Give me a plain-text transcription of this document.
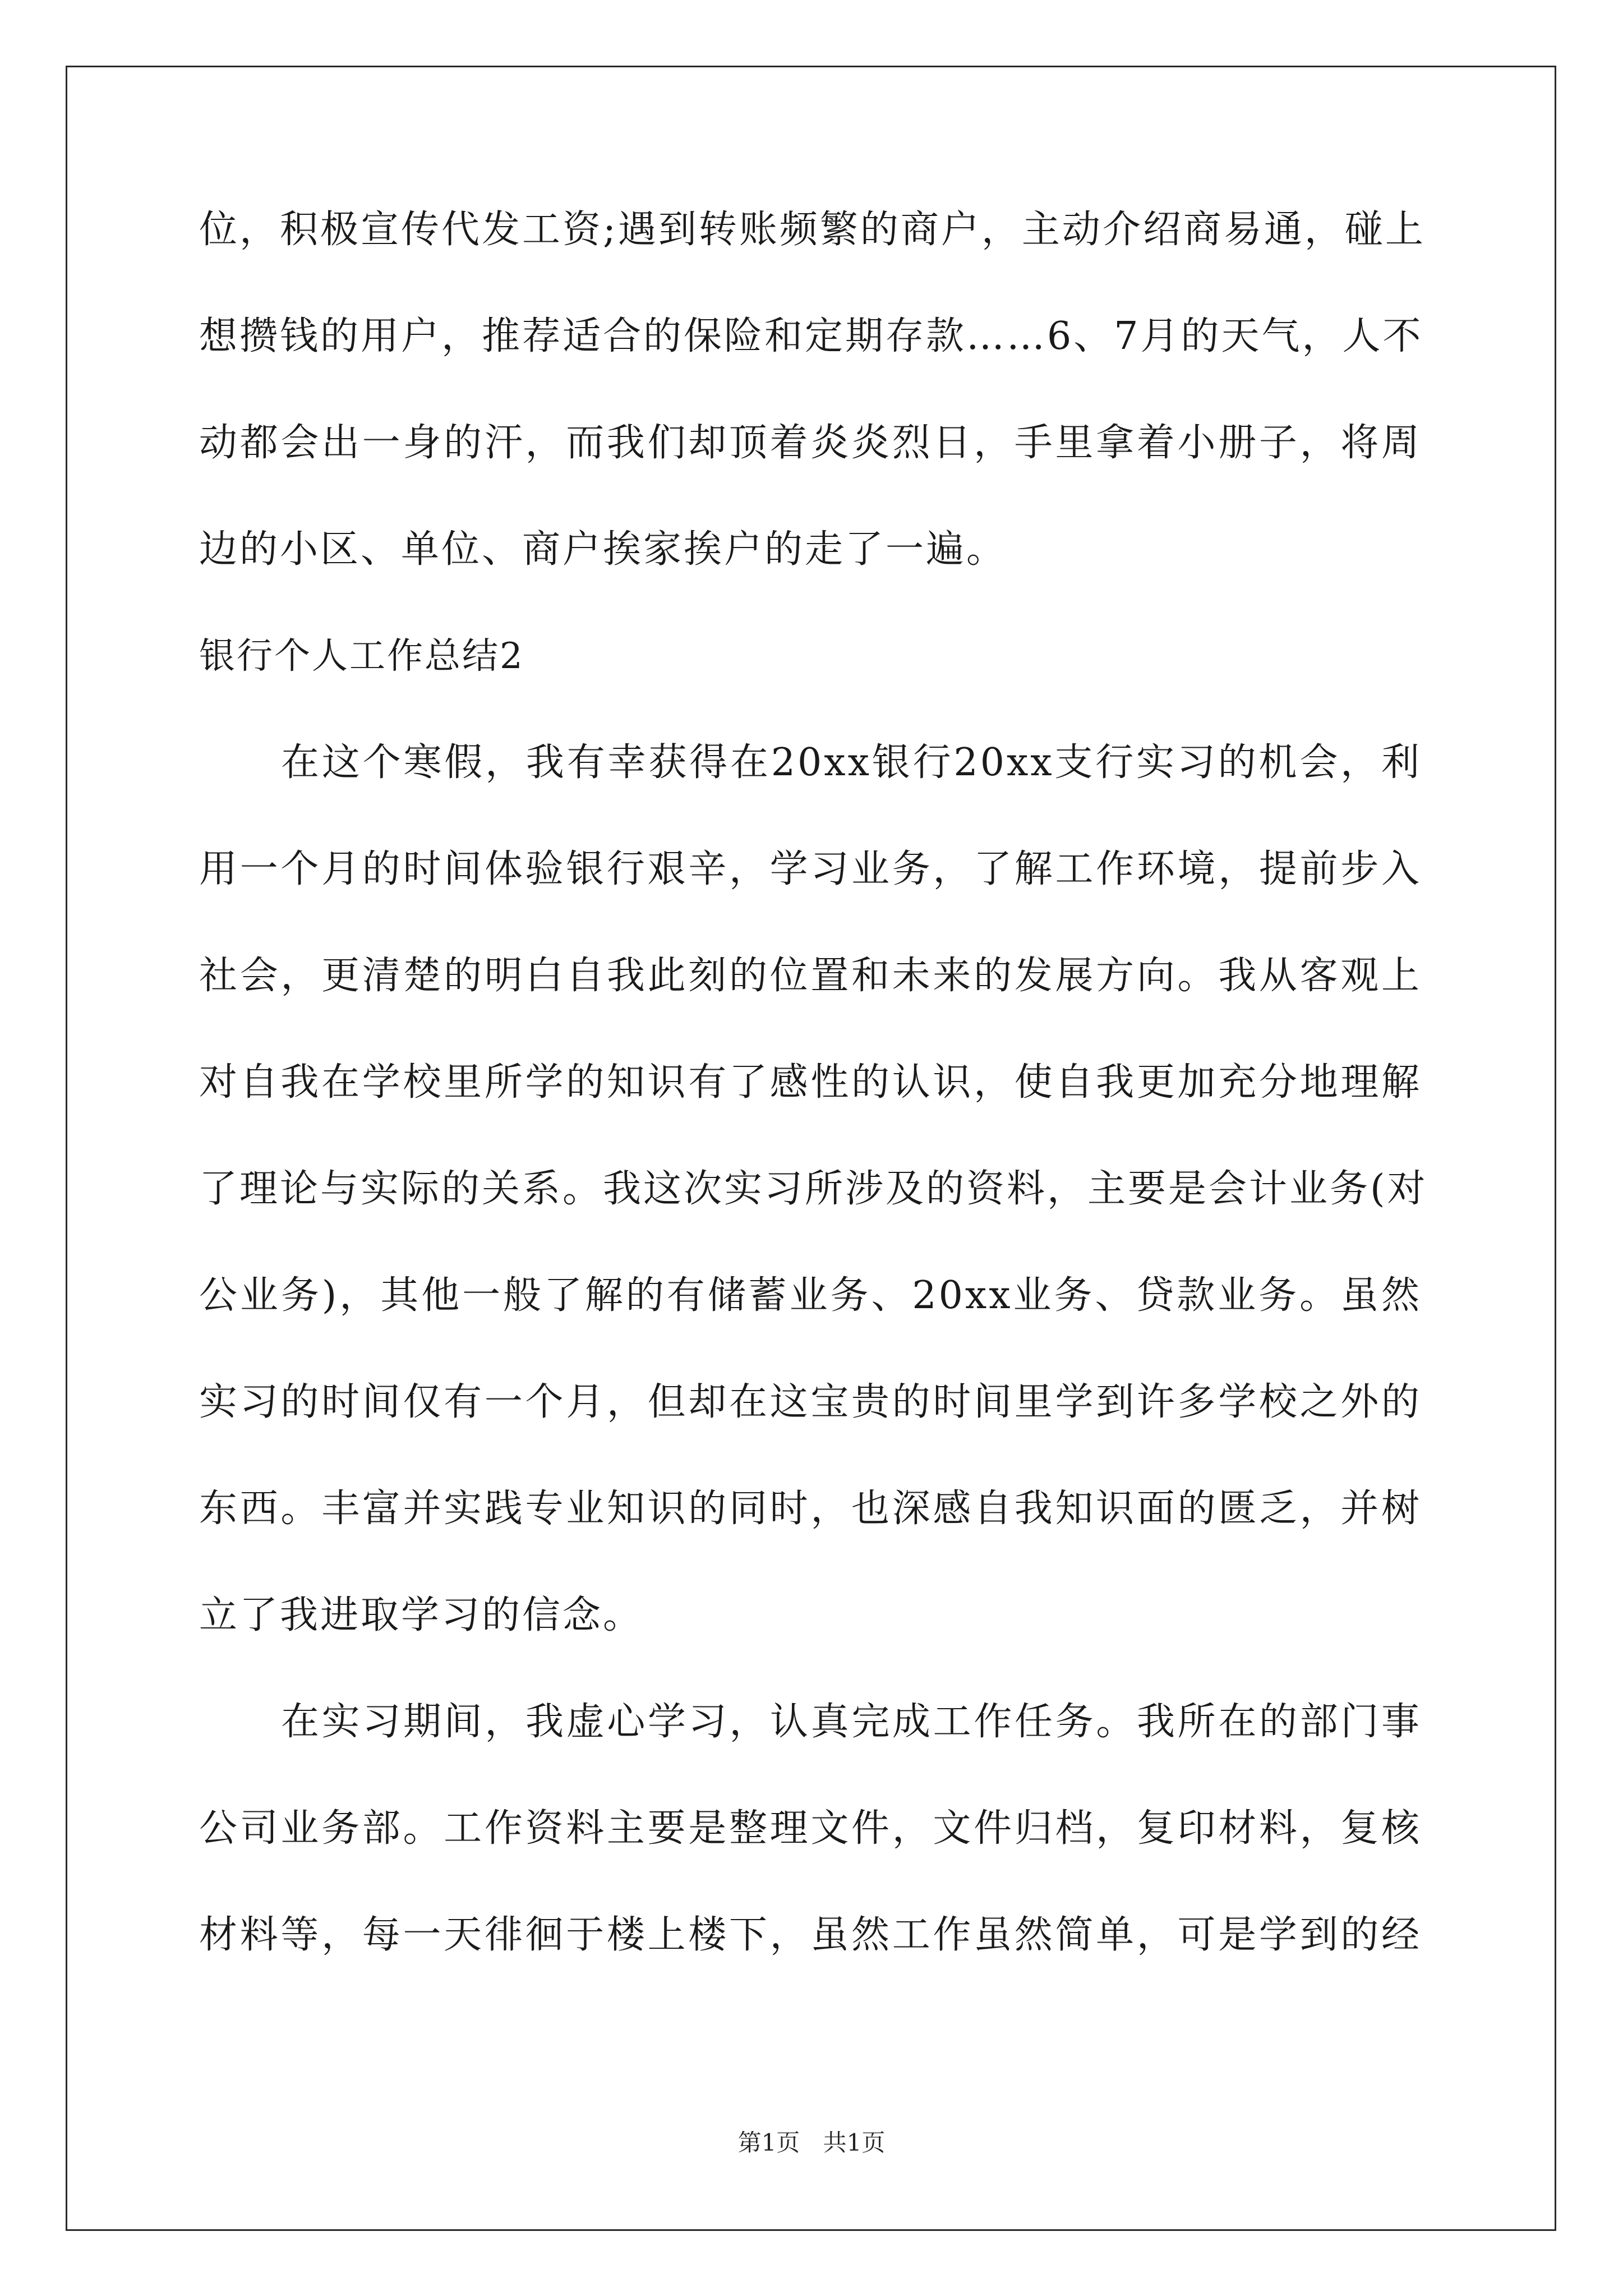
位，积极宣传代发工资;遇到转账频繁的商户，主动介绍商易通，碰上
想攒钱的用户，推荐适合的保险和定期存款……6、7月的天气，人不
动都会出一身的汗，而我们却顶着炎炎烈日，手里拿着小册子，将周
边的小区、单位、商户挨家挨户的走了一遍。
银行个人工作总结2
在这个寒假，我有幸获得在20xx银行20xx支行实习的机会，利
用一个月的时间体验银行艰辛，学习业务，了解工作环境，提前步入
社会，更清楚的明白自我此刻的位置和未来的发展方向。我从客观上
对自我在学校里所学的知识有了感性的认识，使自我更加充分地理解
了理论与实际的关系。我这次实习所涉及的资料，主要是会计业务(对
公业务)，其他一般了解的有储蓄业务、20xx业务、贷款业务。虽然
实习的时间仅有一个月，但却在这宝贵的时间里学到许多学校之外的
东西。丰富并实践专业知识的同时，也深感自我知识面的匮乏，并树
立了我进取学习的信念。
在实习期间，我虚心学习，认真完成工作任务。我所在的部门事
公司业务部。工作资料主要是整理文件，文件归档，复印材料，复核
材料等，每一天徘徊于楼上楼下，虽然工作虽然简单，可是学到的经
第1页 共1页
